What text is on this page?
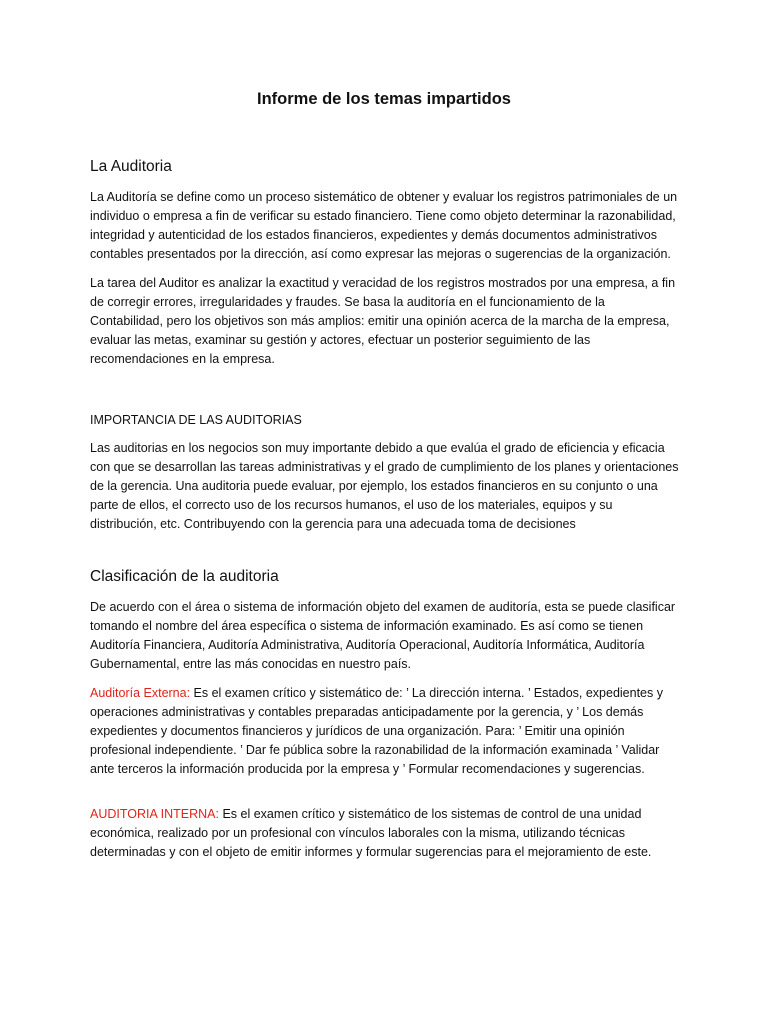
Informe de los temas impartidos
La Auditoria

La Auditoría se define como un proceso sistemático de obtener y evaluar los registros patrimoniales de un individuo o empresa a fin de verificar su estado financiero. Tiene como objeto determinar la razonabilidad, integridad y autenticidad de los estados financieros, expedientes y demás documentos administrativos contables presentados por la dirección, así como expresar las mejoras o sugerencias de la organización.

La tarea del Auditor es analizar la exactitud y veracidad de los registros mostrados por una empresa, a fin de corregir errores, irregularidades y fraudes. Se basa la auditoría en el funcionamiento de la Contabilidad, pero los objetivos son más amplios: emitir una opinión acerca de la marcha de la empresa, evaluar las metas, examinar su gestión y actores, efectuar un posterior seguimiento de las recomendaciones en la empresa.

IMPORTANCIA DE LAS AUDITORIAS

Las auditorias en los negocios son muy importante debido a que evalúa el grado de eficiencia y eficacia con que se desarrollan las tareas administrativas y el grado de cumplimiento de los planes y orientaciones de la gerencia. Una auditoria puede evaluar, por ejemplo, los estados financieros en su conjunto o una parte de ellos, el correcto uso de los recursos humanos, el uso de los materiales, equipos y su distribución, etc. Contribuyendo con la gerencia para una adecuada toma de decisiones

Clasificación de la auditoria

De acuerdo con el área o sistema de información objeto del examen de auditoría, esta se puede clasificar tomando el nombre del área específica o sistema de información examinado. Es así como se tienen Auditoría Financiera, Auditoría Administrativa, Auditoría Operacional, Auditoría Informática, Auditoría Gubernamental, entre las más conocidas en nuestro país.

Auditoría Externa: Es el examen crítico y sistemático de: ’ La dirección interna. ’ Estados, expedientes y operaciones administrativas y contables preparadas anticipadamente por la gerencia, y ’ Los demás expedientes y documentos financieros y jurídicos de una organización. Para: ’ Emitir una opinión profesional independiente. ’ Dar fe pública sobre la razonabilidad de la información examinada ’ Validar ante terceros la información producida por la empresa y ’ Formular recomendaciones y sugerencias.

AUDITORIA INTERNA: Es el examen crítico y sistemático de los sistemas de control de una unidad económica, realizado por un profesional con vínculos laborales con la misma, utilizando técnicas determinadas y con el objeto de emitir informes y formular sugerencias para el mejoramiento de este.
